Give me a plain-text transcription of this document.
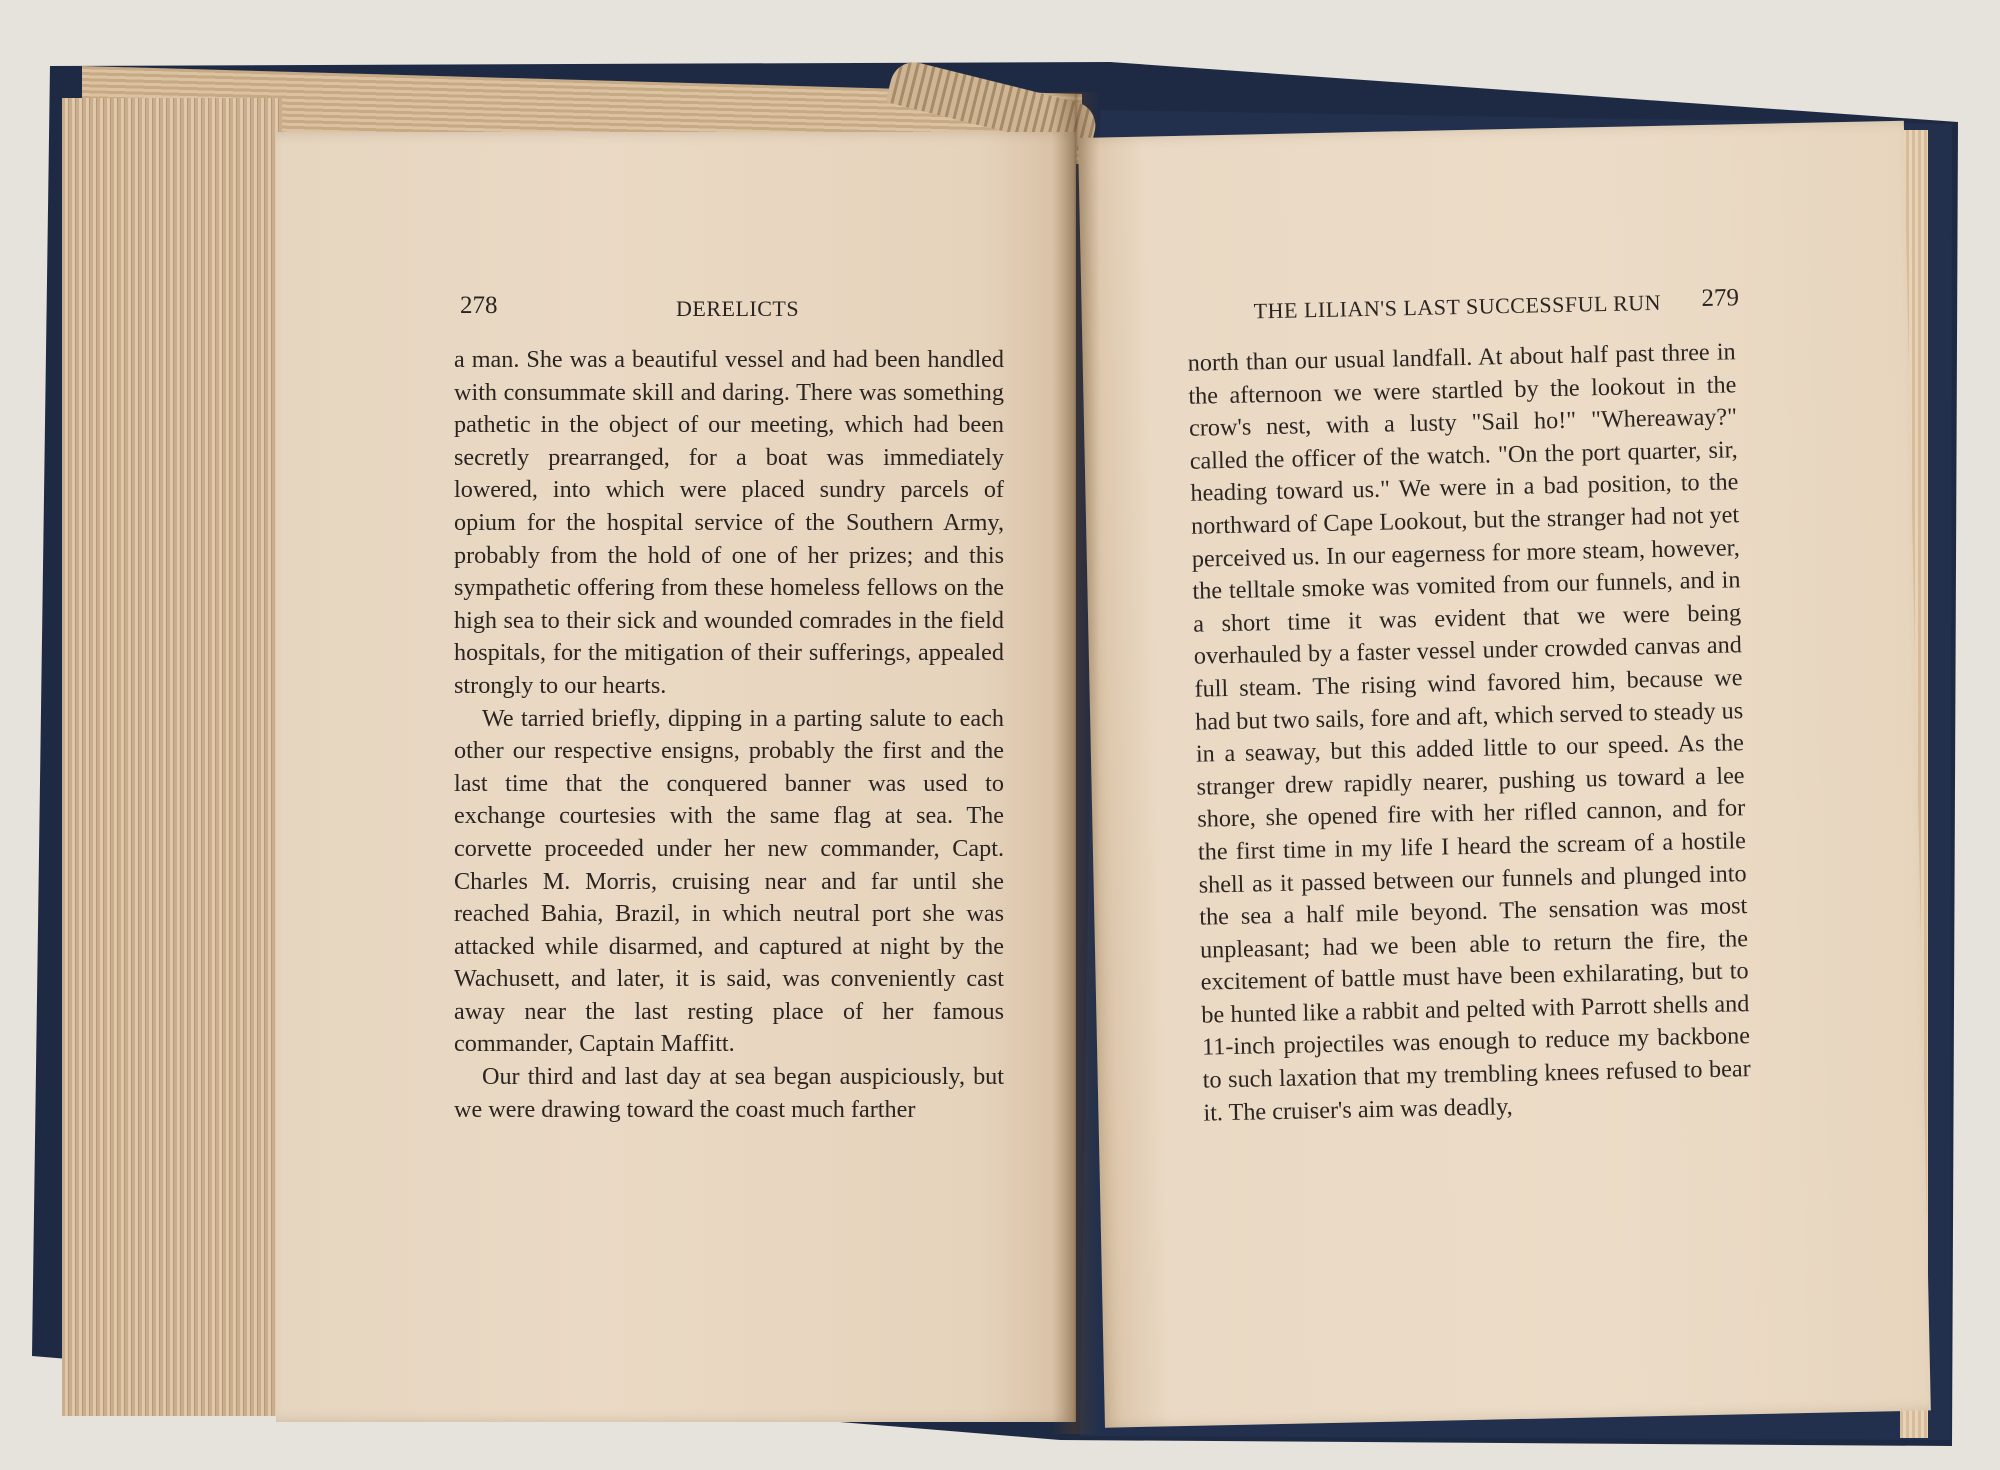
278	DERELICTS

a man. She was a beautiful vessel and had been handled with consummate skill and daring. There was something pathetic in the object of our meeting, which had been secretly prearranged, for a boat was immediately lowered, into which were placed sundry parcels of opium for the hospital service of the Southern Army, probably from the hold of one of her prizes; and this sympathetic offering from these homeless fellows on the high sea to their sick and wounded comrades in the field hospitals, for the mitigation of their sufferings, appealed strongly to our hearts.

We tarried briefly, dipping in a parting salute to each other our respective ensigns, probably the first and the last time that the conquered banner was used to exchange courtesies with the same flag at sea. The corvette proceeded under her new commander, Capt. Charles M. Morris, cruising near and far until she reached Bahia, Brazil, in which neutral port she was attacked while disarmed, and captured at night by the Wachusett, and later, it is said, was conveniently cast away near the last resting place of her famous commander, Captain Maffitt.

Our third and last day at sea began auspiciously, but we were drawing toward the coast much farther

THE LILIAN'S LAST SUCCESSFUL RUN 279

north than our usual landfall. At about half past three in the afternoon we were startled by the lookout in the crow's nest, with a lusty "Sail ho!" "Whereaway?" called the officer of the watch. "On the port quarter, sir, heading toward us." We were in a bad position, to the northward of Cape Lookout, but the stranger had not yet perceived us. In our eagerness for more steam, however, the telltale smoke was vomited from our funnels, and in a short time it was evident that we were being overhauled by a faster vessel under crowded canvas and full steam. The rising wind favored him, because we had but two sails, fore and aft, which served to steady us in a seaway, but this added little to our speed. As the stranger drew rapidly nearer, pushing us toward a lee shore, she opened fire with her rifled cannon, and for the first time in my life I heard the scream of a hostile shell as it passed between our funnels and plunged into the sea a half mile beyond. The sensation was most unpleasant; had we been able to return the fire, the excitement of battle must have been exhilarating, but to be hunted like a rabbit and pelted with Parrott shells and 11-inch projectiles was enough to reduce my backbone to such laxation that my trembling knees refused to bear it. The cruiser's aim was deadly,
